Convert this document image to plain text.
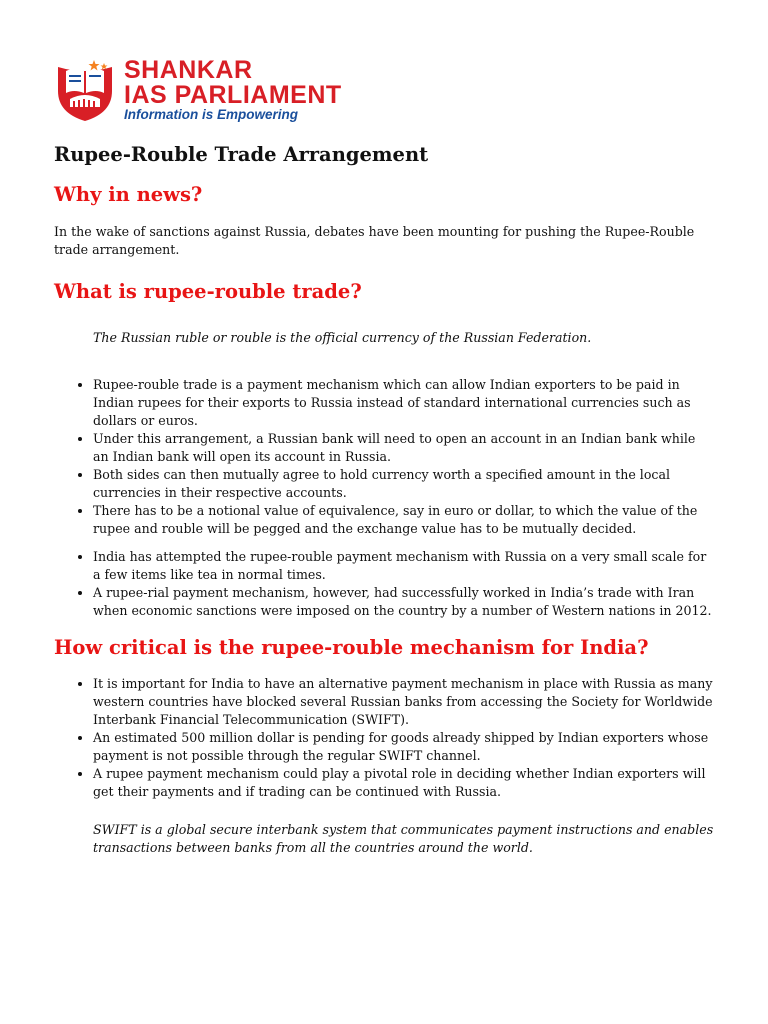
SHANKAR
IAS PARLIAMENT
Information is Empowering
Rupee-Rouble Trade Arrangement
Why in news?

In the wake of sanctions against Russia, debates have been mounting for pushing the Rupee-Rouble trade arrangement.

What is rupee-rouble trade?

The Russian ruble or rouble is the official currency of the Russian Federation.

• Rupee-rouble trade is a payment mechanism which can allow Indian exporters to be paid in Indian rupees for their exports to Russia instead of standard international currencies such as dollars or euros.
• Under this arrangement, a Russian bank will need to open an account in an Indian bank while an Indian bank will open its account in Russia.
• Both sides can then mutually agree to hold currency worth a specified amount in the local currencies in their respective accounts.
• There has to be a notional value of equivalence, say in euro or dollar, to which the value of the rupee and rouble will be pegged and the exchange value has to be mutually decided.
• India has attempted the rupee-rouble payment mechanism with Russia on a very small scale for a few items like tea in normal times.
• A rupee-rial payment mechanism, however, had successfully worked in India’s trade with Iran when economic sanctions were imposed on the country by a number of Western nations in 2012.
How critical is the rupee-rouble mechanism for India?
• It is important for India to have an alternative payment mechanism in place with Russia as many western countries have blocked several Russian banks from accessing the Society for Worldwide Interbank Financial Telecommunication (SWIFT).
• An estimated 500 million dollar is pending for goods already shipped by Indian exporters whose payment is not possible through the regular SWIFT channel.
• A rupee payment mechanism could play a pivotal role in deciding whether Indian exporters will get their payments and if trading can be continued with Russia.

SWIFT is a global secure interbank system that communicates payment instructions and enables transactions between banks from all the countries around the world.
